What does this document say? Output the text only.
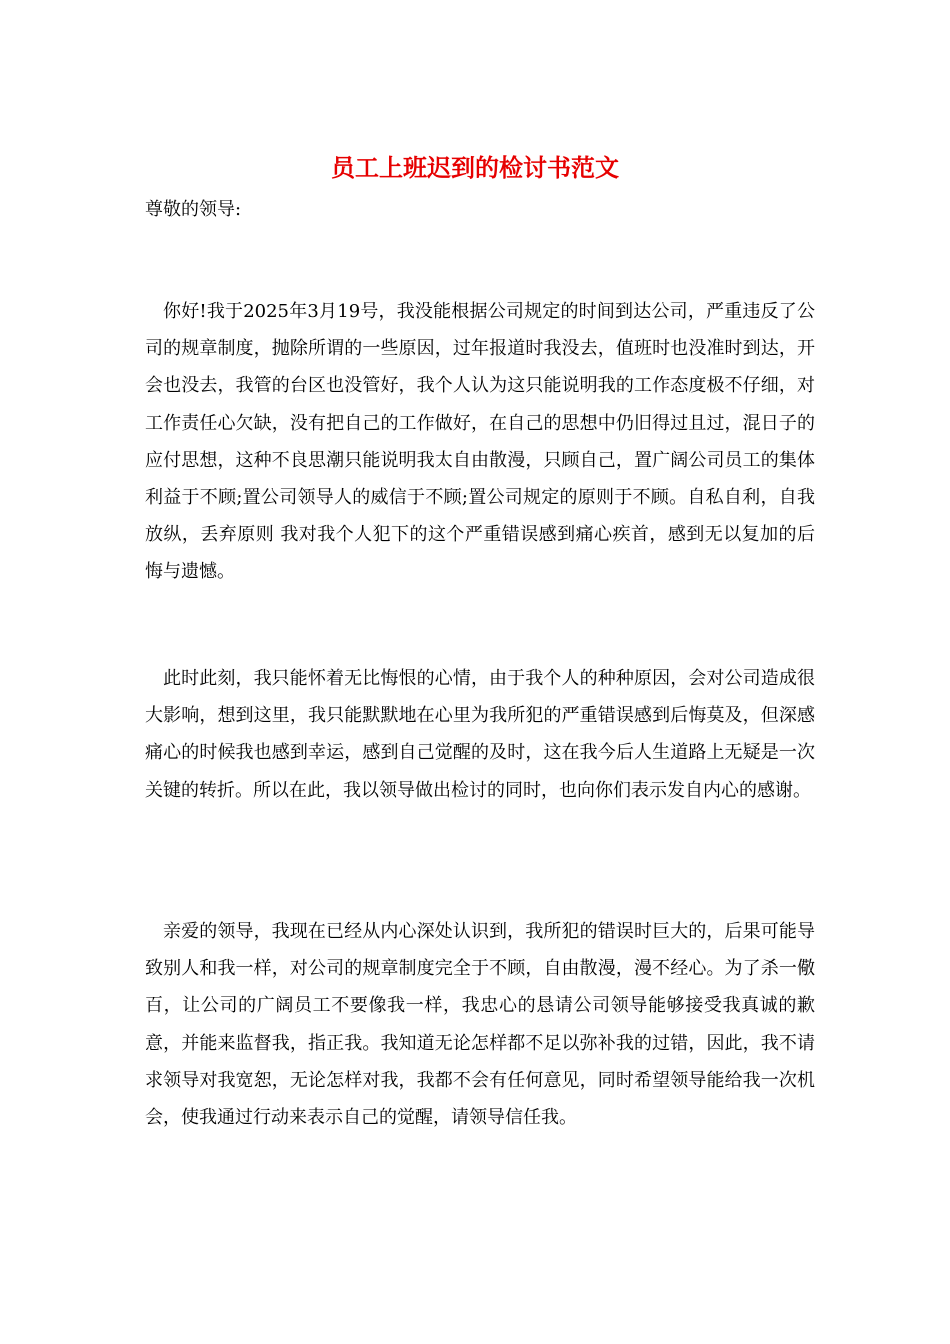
员工上班迟到的检讨书范文
尊敬的领导:

你好!我于2025年3月19号，我没能根据公司规定的时间到达公司，严重违反了公司的规章制度，抛除所谓的一些原因，过年报道时我没去，值班时也没准时到达，开会也没去，我管的台区也没管好，我个人认为这只能说明我的工作态度极不仔细，对工作责任心欠缺，没有把自己的工作做好，在自己的思想中仍旧得过且过，混日子的应付思想，这种不良思潮只能说明我太自由散漫，只顾自己，置广阔公司员工的集体利益于不顾;置公司领导人的威信于不顾;置公司规定的原则于不顾。自私自利，自我放纵，丢弃原则 我对我个人犯下的这个严重错误感到痛心疾首，感到无以复加的后悔与遗憾。

此时此刻，我只能怀着无比悔恨的心情，由于我个人的种种原因，会对公司造成很大影响，想到这里，我只能默默地在心里为我所犯的严重错误感到后悔莫及，但深感痛心的时候我也感到幸运，感到自己觉醒的及时，这在我今后人生道路上无疑是一次关键的转折。所以在此，我以领导做出检讨的同时，也向你们表示发自内心的感谢。

亲爱的领导，我现在已经从内心深处认识到，我所犯的错误时巨大的，后果可能导致别人和我一样，对公司的规章制度完全于不顾，自由散漫，漫不经心。为了杀一儆百，让公司的广阔员工不要像我一样，我忠心的恳请公司领导能够接受我真诚的歉意，并能来监督我，指正我。我知道无论怎样都不足以弥补我的过错，因此，我不请求领导对我宽恕，无论怎样对我，我都不会有任何意见，同时希望领导能给我一次机会，使我通过行动来表示自己的觉醒，请领导信任我。
